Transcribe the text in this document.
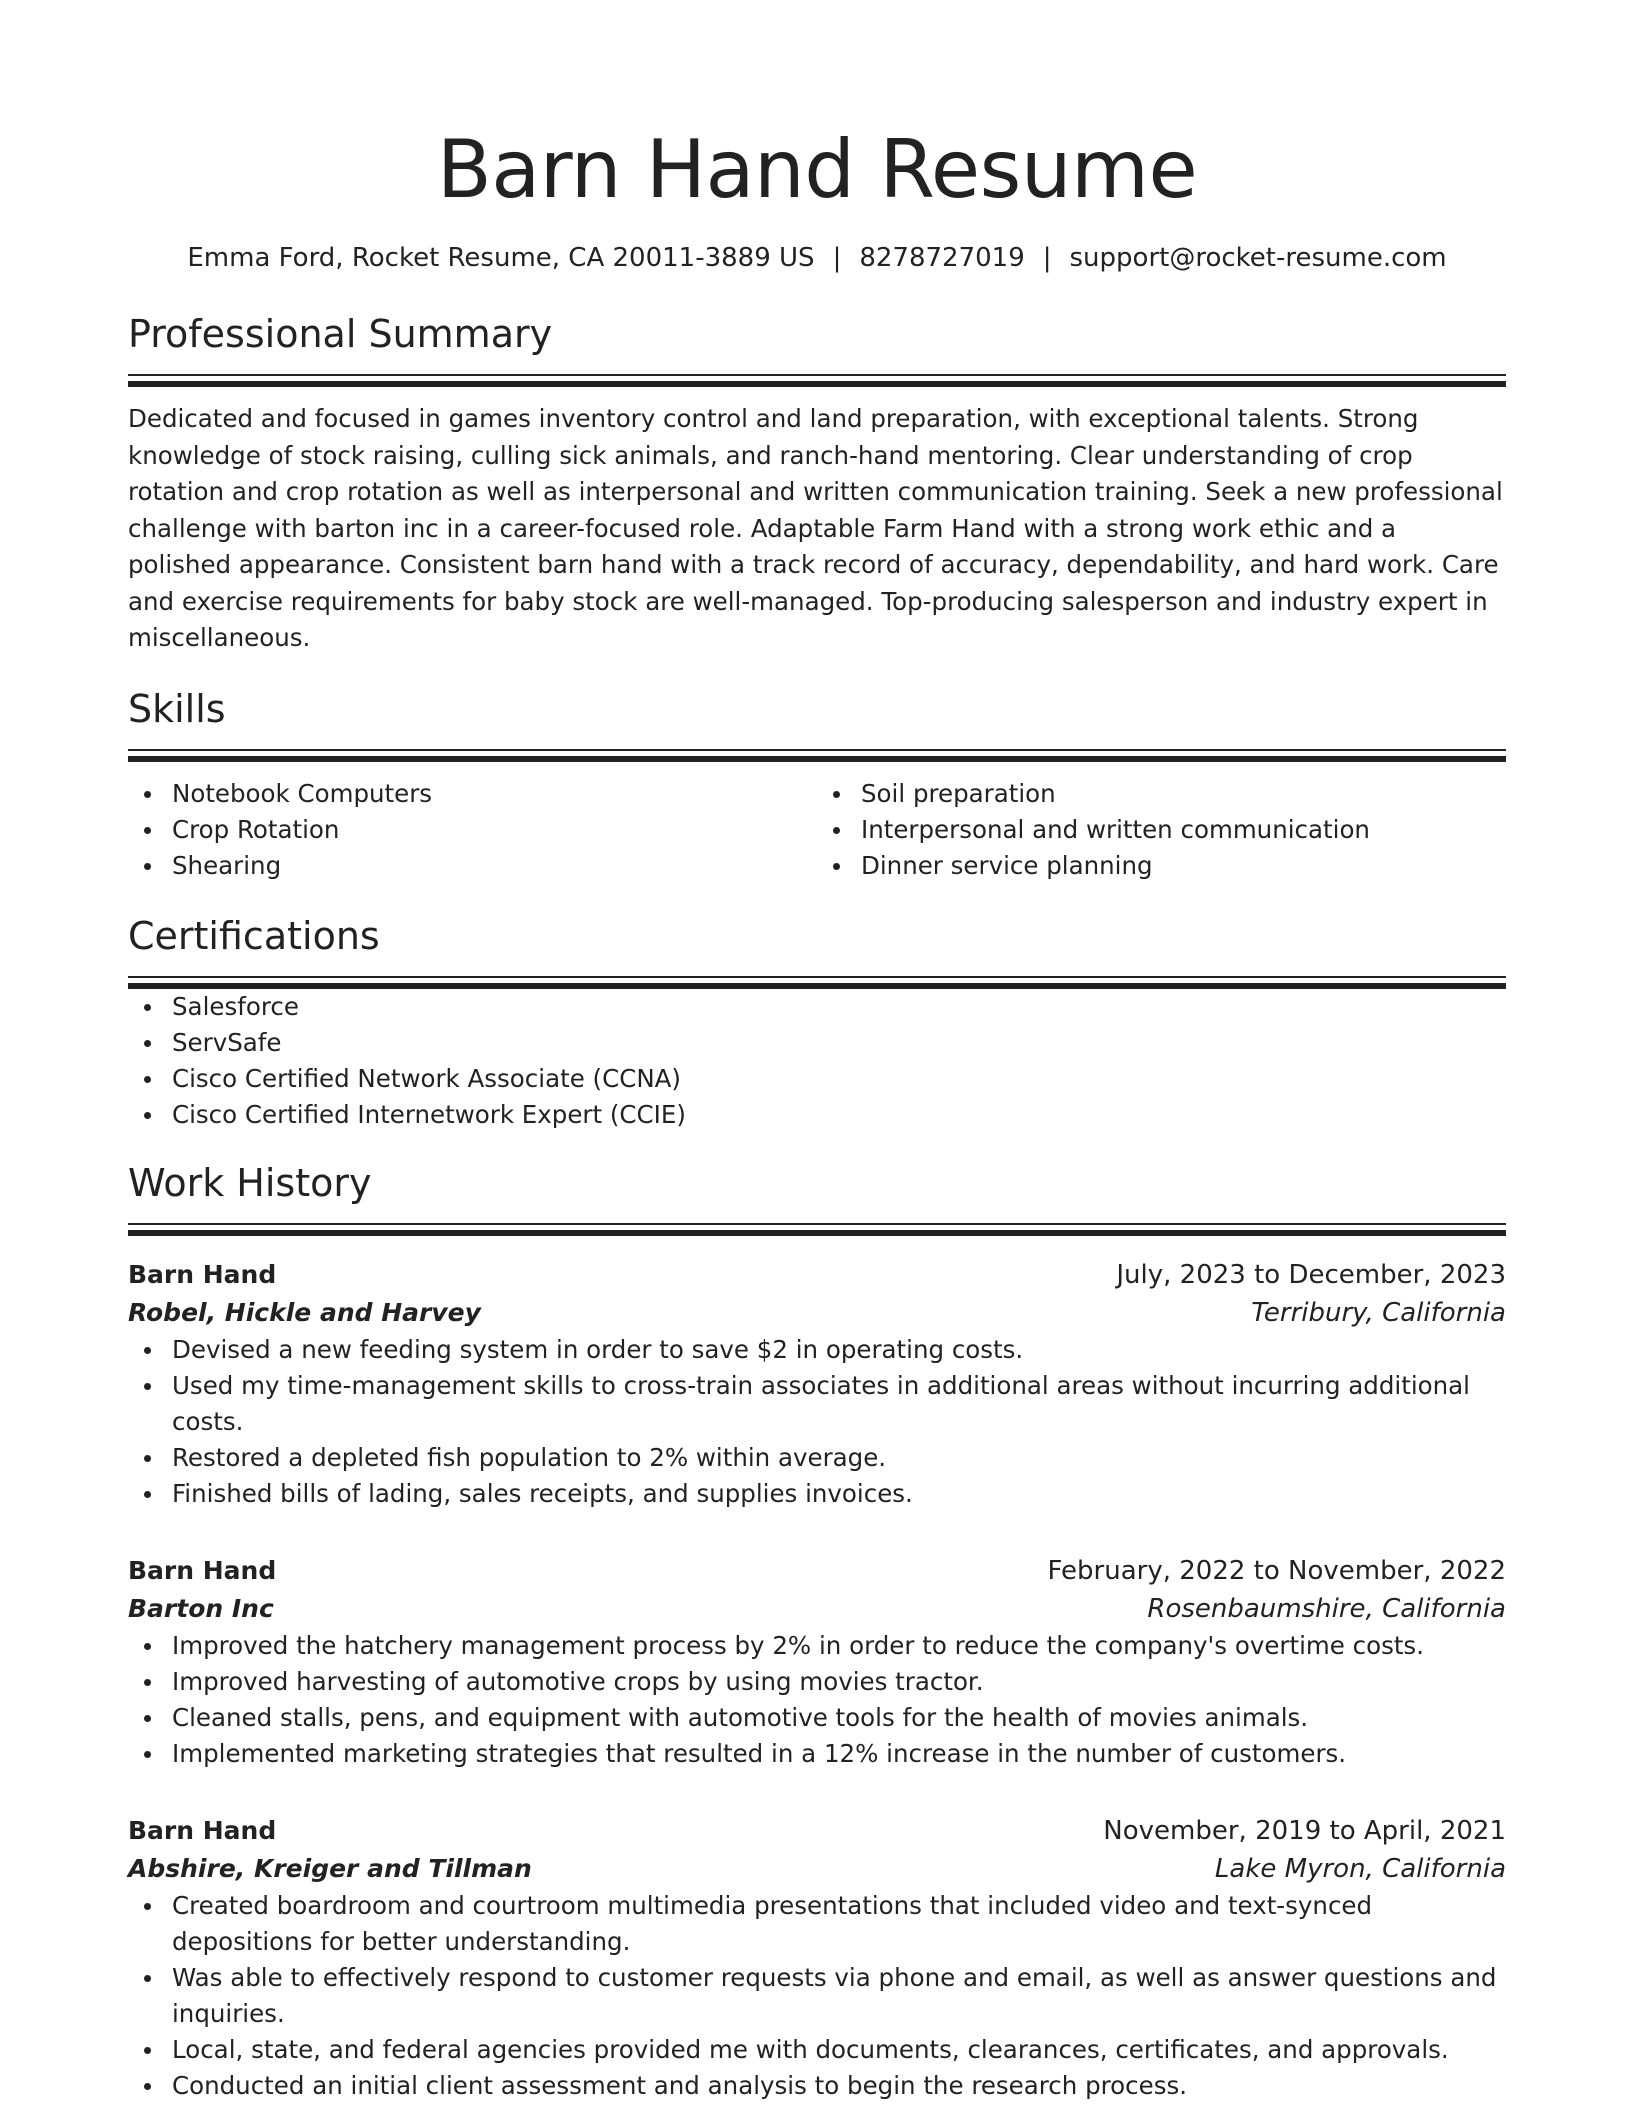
Barn Hand Resume
Emma Ford, Rocket Resume, CA 20011-3889 US | 8278727019 | support@rocket-resume.com
Professional Summary

Dedicated and focused in games inventory control and land preparation, with exceptional talents. Strong knowledge of stock raising, culling sick animals, and ranch-hand mentoring. Clear understanding of crop rotation and crop rotation as well as interpersonal and written communication training. Seek a new professional challenge with barton inc in a career-focused role. Adaptable Farm Hand with a strong work ethic and a polished appearance. Consistent barn hand with a track record of accuracy, dependability, and hard work. Care and exercise requirements for baby stock are well-managed. Top-producing salesperson and industry expert in miscellaneous.

Skills
Notebook Computers
Crop Rotation
Shearing
Soil preparation
Interpersonal and written communication
Dinner service planning
Certifications
Salesforce
ServSafe
Cisco Certified Network Associate (CCNA)
Cisco Certified Internetwork Expert (CCIE)
Work History
Barn Hand	July, 2023 to December, 2023
Robel, Hickle and Harvey	Terribury, California
Devised a new feeding system in order to save $2 in operating costs.
Used my time-management skills to cross-train associates in additional areas without incurring additional costs.
Restored a depleted fish population to 2% within average.
Finished bills of lading, sales receipts, and supplies invoices.
Barn Hand	February, 2022 to November, 2022
Barton Inc	Rosenbaumshire, California
Improved the hatchery management process by 2% in order to reduce the company's overtime costs.
Improved harvesting of automotive crops by using movies tractor.
Cleaned stalls, pens, and equipment with automotive tools for the health of movies animals.
Implemented marketing strategies that resulted in a 12% increase in the number of customers.
Barn Hand	November, 2019 to April, 2021
Abshire, Kreiger and Tillman	Lake Myron, California
Created boardroom and courtroom multimedia presentations that included video and text-synced depositions for better understanding.
Was able to effectively respond to customer requests via phone and email, as well as answer questions and inquiries.
Local, state, and federal agencies provided me with documents, clearances, certificates, and approvals.
Conducted an initial client assessment and analysis to begin the research process.
